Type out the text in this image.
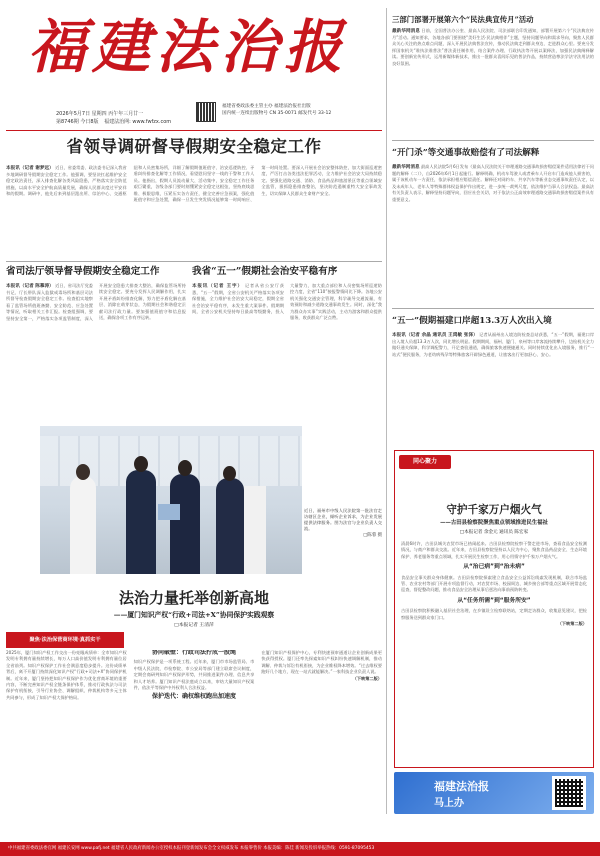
福建法治报
2026年5月7日 星期四 丙午年三月廿一
第8746期 今日8版 福建法治网: www.fwfzx.com
福建省委政法委主管主办 福建法治报社出版
国内统一连续出版物号 CN 35-0071 邮发代号 33-12
省领导调研督导假期安全稳定工作
本报讯（记者 谢梦远） 近日，省委常委、政法委书记深入我省多地调研督导假期安全稳定工作。他强调，要坚决扛起维护安全稳定政治责任，深入排查化解各类风险隐患，严格落实安全防范措施，以高水平安全护航高质量发展，确保人民群众度过平安祥和的假期。调研中，他先后来到基层派出所、综治中心、交通枢纽和人员密集场所，详细了解假期值班值守、治安巡逻防控、矛盾纠纷排查化解等工作情况，看望慰问坚守一线的干警和工作人员。他指出，假期人员流动量大、活动集中，安全稳定工作任务艰巨繁重，各级各部门要时刻绷紧安全稳定这根弦，坚持底线思维、极限思维，压紧压实各方责任，健全完善应急预案，强化值班值守和应急处置，确保一旦发生突发情况能够第一时间响应、第一时间处置。要深入开展社会治安整体防控，加大街面巡逻密度，严厉打击各类违法犯罪活动，全力维护社会治安大局持续稳定。要强化道路交通、消防、食品药品和旅游景区等重点领域安全监管，狠抓隐患排查整治，坚决防范遏制重特大安全事故发生，切实保障人民群众生命财产安全。
省司法厅领导督导假期安全稳定工作	我省“五一”假期社会治安平稳有序
本报讯（记者 陈慕涛） 近日，省司法厅党委书记、厅长带队深入监狱戒毒场所和基层司法所督导检查假期安全稳定工作。检查组实地察看了监管场所值班备勤、安全防范、应急处置等情况，听取相关工作汇报。检查组强调，要坚持安全第一，严格落实各项监管制度，深入开展安全隐患大排查大整治，确保监管场所持续安全稳定。要充分发挥人民调解作用，扎实开展矛盾纠纷排查化解，努力把矛盾化解在基层、消除在萌芽状态，为假期社会和谐稳定贡献司法行政力量。要加强值班值守和信息报送，确保各项工作有序运转。
本报讯（记者 王宇） 记者从省公安厅获悉，“五一”假期，全省公安机关严格落实各项安保措施，全力维护社会治安大局稳定，假期全省社会治安平稳有序，未发生重大案事件。假期期间，全省公安机关坚持每日最高等级勤务，投入大量警力，加大重点部位和人员密集场所巡逻防控力度，全省“110”接报警情同比下降。各地公安机关强化交通安全管理，科学疏导交通流量，有效预防和减少道路交通事故发生。同时，深化“我为群众办实事”实践活动，主动为游客和群众提供服务，收获群众广泛点赞。
近日，福州市中级人民法院第一批法官走访辖区企业，倾听企业诉求，为企业发展提供法律服务。图为法官与企业负责人交流。
□陈蓉 摄
法治力量托举创新高地
——厦门知识产权“行政+司法+X”协同保护实践观察
□本报记者 王清萍
聚焦·法治保营商环境·真抓实干
2025年，厦门知识产权工作交出一份亮眼成绩单：全市知识产权发明专利拥有量持续增长，每万人口高价值发明专利拥有量位居全省前列。知识产权保护工作社会满意度稳步提升。这份成绩单背后，离不开厦门持续深化知识产权“行政+司法+X”协同保护机制。近年来，厦门坚持把知识产权保护作为优化营商环境的重要内容，不断完善知识产权全链条保护体系，推动行政执法与司法保护有机衔接，引导行业协会、调解组织、仲裁机构等多元主体共同参与，形成了知识产权大保护格局。
协同破壁：行政司法拧成一股绳
知识产权保护是一项系统工程。近年来，厦门市市场监管局、市中级人民法院、市检察院、市公安局等部门建立联席会议制度，定期会商研判知识产权保护形势，共同推进案件办理、信息共享和人才培养。厦门知识产权法庭成立以来，审结大量知识产权案件，依法平等保护中外权利人合法权益。
保护迭代：确权维权跑出加速度
在厦门知识产权保护中心，专利快速预审通道让企业创新成果更快获得授权。厦门还率先探索知识产权纠纷快速调解机制，推动调解、仲裁与诉讼有机衔接，为企业维权降本增效。“过去维权要跑好几个地方，现在一站式就能解决。”一家科技企业负责人说。
（下转第二版）
三部门部署开展第六个“民法典宣传月”活动
最新华网消息 日前，全国普法办公室、最高人民法院、司法部联合印发通知，部署开展第六个“民法典宣传月”活动。通知要求，各地各部门要围绕“美好生活·民法典相伴”主题，坚持问题导向和需求导向，聚焦人民群众关心关注的热点难点问题，深入开展民法典普法宣传，推动民法典走到群众身边、走进群众心里。要充分发挥国家机关“谁执法谁普法”普法责任制作用，结合案件办理、行政执法等开展以案释法，加强民法典阐释解读。要创新宣传形式，运用新媒体新技术，推出一批群众喜闻乐见的普法作品，持续营造尊法学法守法用法的良好氛围。
“开门杀”等交通事故赔偿有了司法解释
最新华网消息 最高人民法院5月6日发布《最高人民法院关于审理道路交通事故损害赔偿案件适用法律若干问题的解释（二）》，自2026年6月1日起施行。解释明确，机动车驾驶人或者乘车人开启车门造成他人损害的，属于该机动车一方责任，依法承担相应赔偿责任。解释还对网约车、共享汽车等新业态交通事故责任认定，以及未成年人、老年人等特殊群体权益保护作出规定，进一步统一裁判尺度，依法维护当事人合法权益。最高法有关负责人表示，解释坚持问题导向，回应社会关切，对于依法公正高效审理道路交通事故损害赔偿案件具有重要意义。
“五一”假期福建口岸超13.3万人次出入境
本报讯（记者 余晶 通讯员 王鸿敏 张泽） 记者从福州出入境边防检查总站获悉，“五一”假期，福建口岸出入境人员超13.3万人次，同比增长明显。假期期间，福州、厦门、泉州等口岸客流持续攀升，边检机关全力做好通关保障，科学调配警力，开足查验通道，确保旅客快速便捷通关。同时持续优化出入境服务，推行“一站式”便民服务，为老幼病残孕等特殊旅客开辟绿色通道，让旅客出行更加舒心、安心。
同心聚力
守护千家万户烟火气
——古田县检察院聚焦重点领域推进民生福祉
□本报记者 余金元 通讯员 陈宏家
清晨6时许，古田县城关农贸市场已热闹起来。古田县检察院检察干警走进市场，查看食品安全检测情况，与商户和群众交流。近年来，古田县检察院坚持以人民为中心，聚焦食品药品安全、生态环境保护、养老服务等重点领域，扎实开展民生检察工作，用心用情守护千家万户烟火气。
从“治已病”到“治未病”
食品安全事关群众身体健康。古田县检察院探索建立食品安全公益诉讼线索发现机制，联合市场监管、农业农村等部门开展专项监督行动，对农贸市场、校园周边、城乡接合部等重点区域开展常态化巡查，督促整改问题，推动食品安全治理从事后惩治向事前预防转变。
从“任务所需”到“服务所安”
古田县检察院积极融入基层社会治理，在乡镇设立检察联络站，定期走访群众，收集意见建议，把检察服务送到群众家门口。
（下转第二版）
福建法治报
马上办
中共福建省委政法委官网 福建长安网 www.pafj.net 福建省人民政府新闻办公室授权本报刊登新闻发布会全文权威发布 本报零售价 本报美编：陈佳 新闻及投诉举报热线：0591-87095453
